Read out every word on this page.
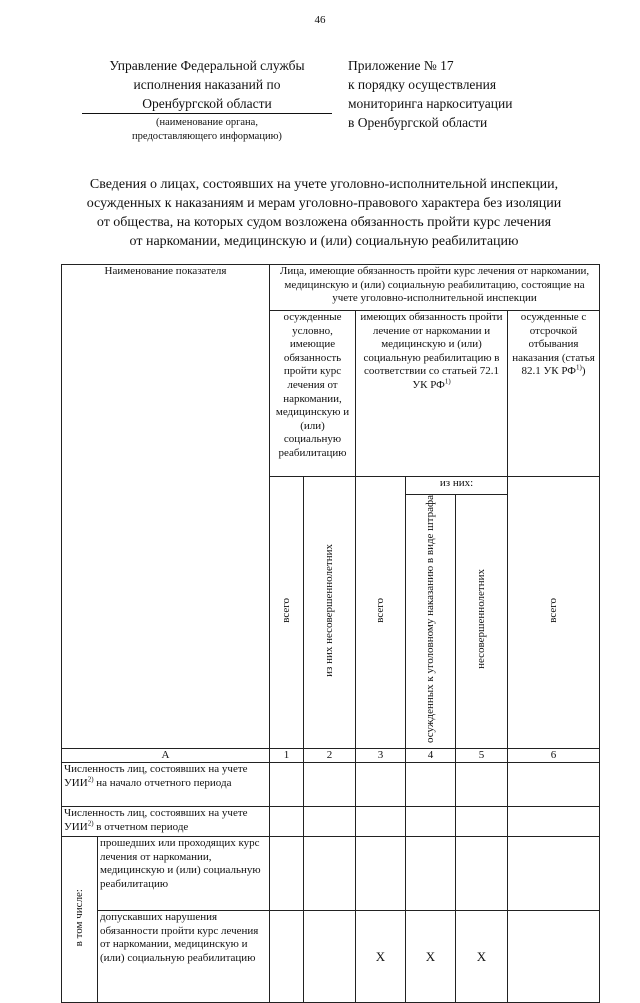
46
Управление Федеральной службы
исполнения наказаний по
Оренбургской области
(наименование органа,
предоставляющего информацию)
Приложение № 17
к порядку осуществления
мониторинга наркоситуации
в Оренбургской области
Сведения о лицах, состоявших на учете уголовно-исполнительной инспекции,
осужденных к наказаниям и мерам уголовно-правового характера без изоляции
от общества, на которых судом возложена обязанность пройти курс лечения
от наркомании, медицинскую и (или) социальную реабилитацию
Наименование показателя		Лица, имеющие обязанность пройти курс лечения от наркомании, медицинскую и (или) социальную реабилитацию, состоящие на учете уголовно-исполнительной инспекции					
		осужденные условно, имеющие обязанность пройти курс лечения от наркомании, медицинскую и (или) социальную реабилитацию		имеющих обязанность пройти лечение от наркомании и медицинскую и (или) социальную реабилитацию в соответствии со статьей 72.1 УК РФ$^{1)}$			осужденные с отсрочкой отбывания наказания (статья 82.1 УК РФ$^{1)}$)
		всего	из них несовершеннолетних	всего	из них:		всего
					осужденных к уголовному наказанию в виде штрафа	несовершеннолетних	
А		1	2	3	4	5	6
Численность лиц, состоявших на учете УИИ$^{2)}$ на начало отчетного периода							
Численность лиц, состоявших на учете УИИ$^{2)}$ в отчетном периоде							
в том числе:	прошедших или проходящих курс лечения от наркомании, медицинскую и (или) социальную реабилитацию						
	допускавших нарушения обязанности пройти курс лечения от наркомании, медицинскую и (или) социальную реабилитацию			Х	Х	Х	
